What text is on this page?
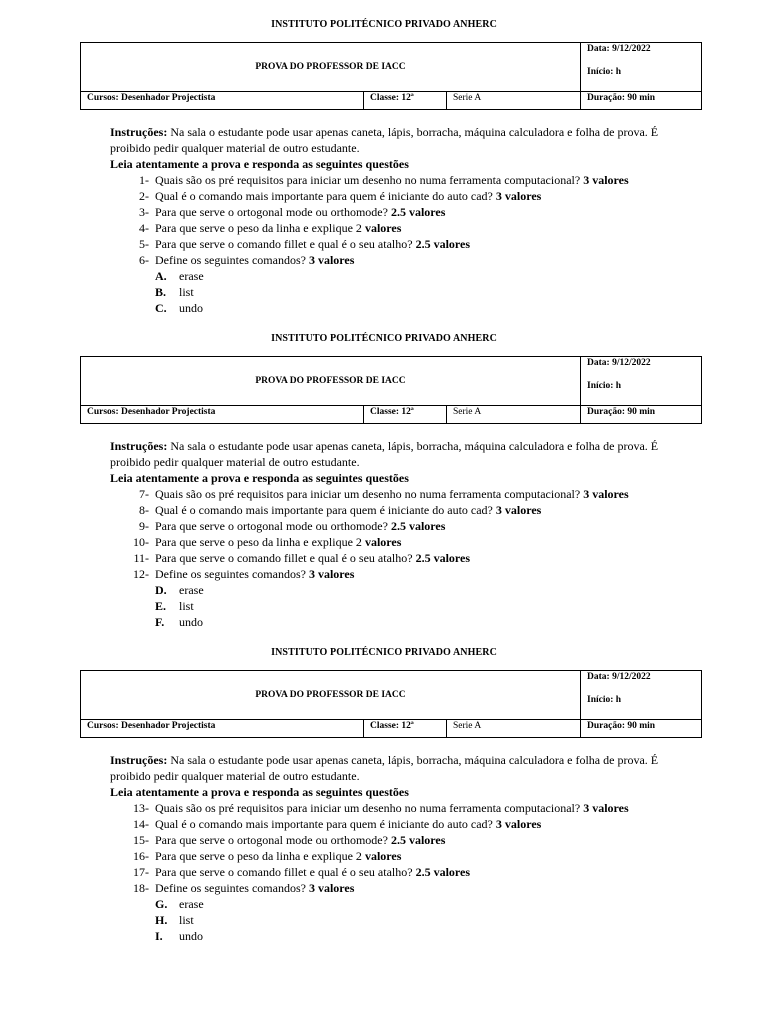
INSTITUTO POLITÉCNICO PRIVADO ANHERC
PROVA DO PROFESSOR DE IACC			Data: 9/12/2022
Início: h

Cursos: Desenhador Projectista	Classe: 12ª	Serie A	Duração: 90 min

Instruções: Na sala o estudante pode usar apenas caneta, lápis, borracha, máquina calculadora e folha de prova. É proibido pedir qualquer material de outro estudante.

Leia atentamente a prova e responda as seguintes questões

1- Quais são os pré requisitos para iniciar um desenho no numa ferramenta computacional? 3 valores
2- Qual é o comando mais importante para quem é iniciante do auto cad? 3 valores
3- Para que serve o ortogonal mode ou orthomode? 2.5 valores
4- Para que serve o peso da linha e explique 2 valores
5- Para que serve o comando fillet e qual é o seu atalho? 2.5 valores
6- Define os seguintes comandos? 3 valores
A. erase
B. list
C. undo
INSTITUTO POLITÉCNICO PRIVADO ANHERC
PROVA DO PROFESSOR DE IACC			Data: 9/12/2022
Início: h

Cursos: Desenhador Projectista	Classe: 12ª	Serie A	Duração: 90 min

Instruções: Na sala o estudante pode usar apenas caneta, lápis, borracha, máquina calculadora e folha de prova. É proibido pedir qualquer material de outro estudante.

Leia atentamente a prova e responda as seguintes questões

7- Quais são os pré requisitos para iniciar um desenho no numa ferramenta computacional? 3 valores
8- Qual é o comando mais importante para quem é iniciante do auto cad? 3 valores
9- Para que serve o ortogonal mode ou orthomode? 2.5 valores
10- Para que serve o peso da linha e explique 2 valores
11- Para que serve o comando fillet e qual é o seu atalho? 2.5 valores
12- Define os seguintes comandos? 3 valores
D. erase
E. list
F. undo
INSTITUTO POLITÉCNICO PRIVADO ANHERC
PROVA DO PROFESSOR DE IACC			Data: 9/12/2022
Início: h

Cursos: Desenhador Projectista	Classe: 12ª	Serie A	Duração: 90 min

Instruções: Na sala o estudante pode usar apenas caneta, lápis, borracha, máquina calculadora e folha de prova. É proibido pedir qualquer material de outro estudante.

Leia atentamente a prova e responda as seguintes questões

13- Quais são os pré requisitos para iniciar um desenho no numa ferramenta computacional? 3 valores
14- Qual é o comando mais importante para quem é iniciante do auto cad? 3 valores
15- Para que serve o ortogonal mode ou orthomode? 2.5 valores
16- Para que serve o peso da linha e explique 2 valores
17- Para que serve o comando fillet e qual é o seu atalho? 2.5 valores
18- Define os seguintes comandos? 3 valores
G. erase
H. list
I. undo
